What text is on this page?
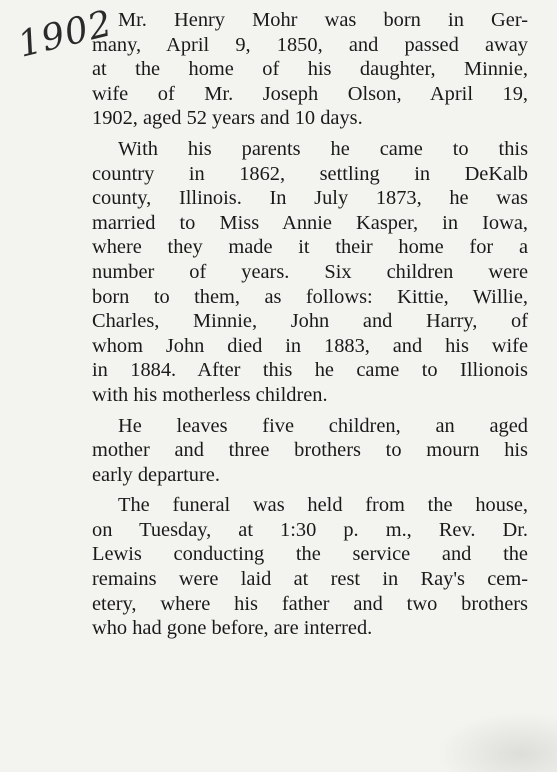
1902 Mr. Henry Mohr was born in Ger-
many, April 9, 1850, and passed away
at the home of his daughter, Minnie,
wife of Mr. Joseph Olson, April 19,
1902, aged 52 years and 10 days.

With his parents he came to this
country in 1862, settling in DeKalb
county, Illinois. In July 1873, he was
married to Miss Annie Kasper, in Iowa,
where they made it their home for a
number of years. Six children were
born to them, as follows: Kittie, Willie,
Charles, Minnie, John and Harry, of
whom John died in 1883, and his wife
in 1884. After this he came to Illionois
with his motherless children.

He leaves five children, an aged
mother and three brothers to mourn his
early departure.

The funeral was held from the house,
on Tuesday, at 1:30 p. m., Rev. Dr.
Lewis conducting the service and the
remains were laid at rest in Ray's cem-
etery, where his father and two brothers
who had gone before, are interred.
